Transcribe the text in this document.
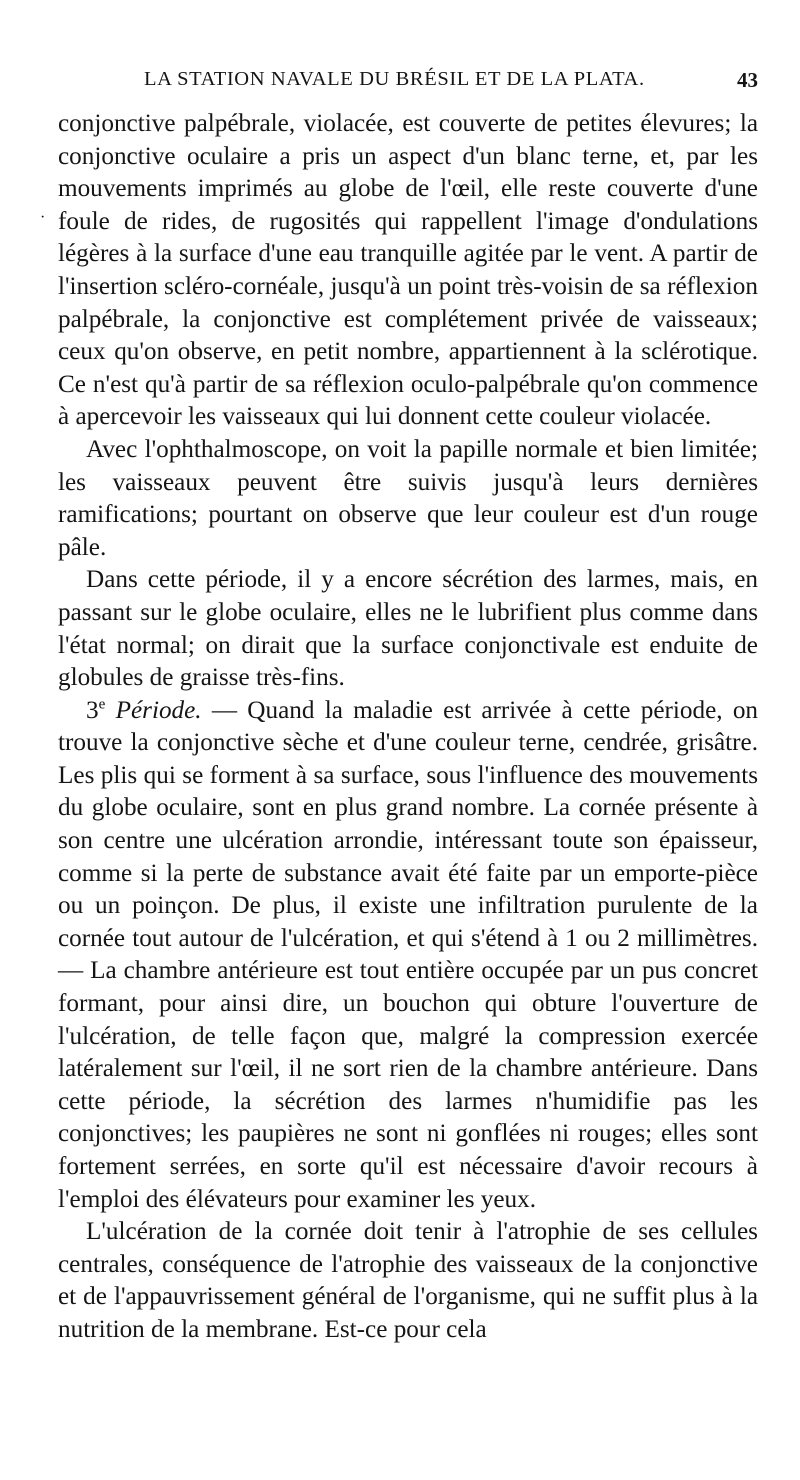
LA STATION NAVALE DU BRÉSIL ET DE LA PLATA.	43
·

conjonctive palpébrale, violacée, est couverte de petites élevures; la conjonctive oculaire a pris un aspect d'un blanc terne, et, par les mouvements imprimés au globe de l'œil, elle reste couverte d'une foule de rides, de rugosités qui rappellent l'image d'ondulations légères à la surface d'une eau tranquille agitée par le vent. A partir de l'insertion scléro-cornéale, jusqu'à un point très-voisin de sa réflexion palpébrale, la conjonctive est complétement privée de vaisseaux; ceux qu'on observe, en petit nombre, appartiennent à la sclérotique. Ce n'est qu'à partir de sa réflexion oculo-palpébrale qu'on commence à apercevoir les vaisseaux qui lui donnent cette couleur violacée.

Avec l'ophthalmoscope, on voit la papille normale et bien limitée; les vaisseaux peuvent être suivis jusqu'à leurs dernières ramifications; pourtant on observe que leur couleur est d'un rouge pâle.

Dans cette période, il y a encore sécrétion des larmes, mais, en passant sur le globe oculaire, elles ne le lubrifient plus comme dans l'état normal; on dirait que la surface conjonctivale est enduite de globules de graisse très-fins.

3e Période. — Quand la maladie est arrivée à cette période, on trouve la conjonctive sèche et d'une couleur terne, cendrée, grisâtre. Les plis qui se forment à sa surface, sous l'influence des mouvements du globe oculaire, sont en plus grand nombre. La cornée présente à son centre une ulcération arrondie, intéressant toute son épaisseur, comme si la perte de substance avait été faite par un emporte-pièce ou un poinçon. De plus, il existe une infiltration purulente de la cornée tout autour de l'ulcération, et qui s'étend à 1 ou 2 millimètres. — La chambre antérieure est tout entière occupée par un pus concret formant, pour ainsi dire, un bouchon qui obture l'ouverture de l'ulcération, de telle façon que, malgré la compression exercée latéralement sur l'œil, il ne sort rien de la chambre antérieure. Dans cette période, la sécrétion des larmes n'humidifie pas les conjonctives; les paupières ne sont ni gonflées ni rouges; elles sont fortement serrées, en sorte qu'il est nécessaire d'avoir recours à l'emploi des élévateurs pour examiner les yeux.

L'ulcération de la cornée doit tenir à l'atrophie de ses cellules centrales, conséquence de l'atrophie des vaisseaux de la conjonctive et de l'appauvrissement général de l'organisme, qui ne suffit plus à la nutrition de la membrane. Est-ce pour cela
